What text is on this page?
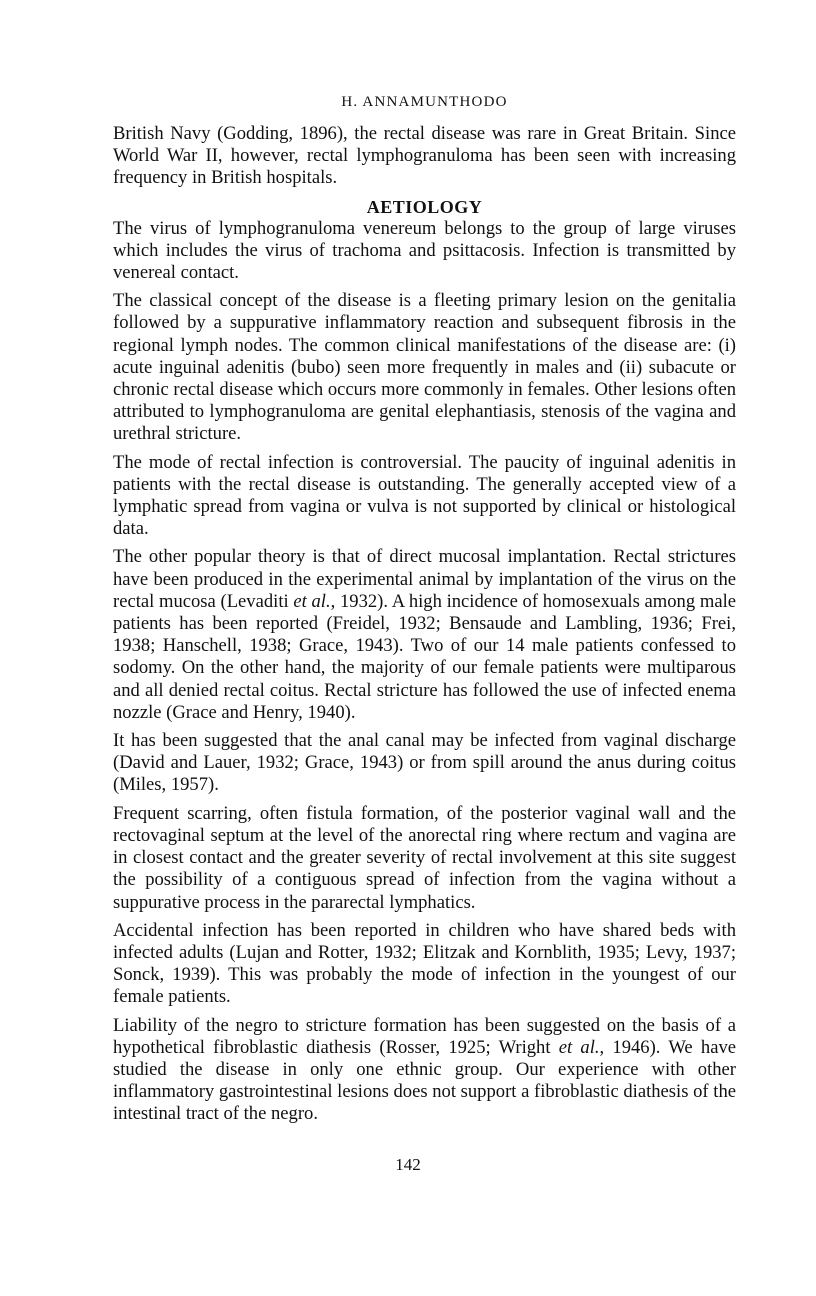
H. ANNAMUNTHODO

British Navy (Godding, 1896), the rectal disease was rare in Great Britain. Since World War II, however, rectal lymphogranuloma has been seen with increasing frequency in British hospitals.

AETIOLOGY

The virus of lymphogranuloma venereum belongs to the group of large viruses which includes the virus of trachoma and psittacosis. Infection is transmitted by venereal contact.

The classical concept of the disease is a fleeting primary lesion on the genitalia followed by a suppurative inflammatory reaction and subsequent fibrosis in the regional lymph nodes. The common clinical manifestations of the disease are: (i) acute inguinal adenitis (bubo) seen more frequently in males and (ii) subacute or chronic rectal disease which occurs more commonly in females. Other lesions often attributed to lymphogranuloma are genital elephantiasis, stenosis of the vagina and urethral stricture.

The mode of rectal infection is controversial. The paucity of inguinal adenitis in patients with the rectal disease is outstanding. The generally accepted view of a lymphatic spread from vagina or vulva is not supported by clinical or histological data.

The other popular theory is that of direct mucosal implantation. Rectal strictures have been produced in the experimental animal by implantation of the virus on the rectal mucosa (Levaditi et al., 1932). A high incidence of homosexuals among male patients has been reported (Freidel, 1932; Bensaude and Lambling, 1936; Frei, 1938; Hanschell, 1938; Grace, 1943). Two of our 14 male patients confessed to sodomy. On the other hand, the majority of our female patients were multiparous and all denied rectal coitus. Rectal stricture has followed the use of infected enema nozzle (Grace and Henry, 1940).

It has been suggested that the anal canal may be infected from vaginal discharge (David and Lauer, 1932; Grace, 1943) or from spill around the anus during coitus (Miles, 1957).

Frequent scarring, often fistula formation, of the posterior vaginal wall and the rectovaginal septum at the level of the anorectal ring where rectum and vagina are in closest contact and the greater severity of rectal involvement at this site suggest the possibility of a contiguous spread of infection from the vagina without a suppurative process in the pararectal lymphatics.

Accidental infection has been reported in children who have shared beds with infected adults (Lujan and Rotter, 1932; Elitzak and Kornblith, 1935; Levy, 1937; Sonck, 1939). This was probably the mode of infection in the youngest of our female patients.

Liability of the negro to stricture formation has been suggested on the basis of a hypothetical fibroblastic diathesis (Rosser, 1925; Wright et al., 1946). We have studied the disease in only one ethnic group. Our experience with other inflammatory gastrointestinal lesions does not support a fibroblastic diathesis of the intestinal tract of the negro.

142
